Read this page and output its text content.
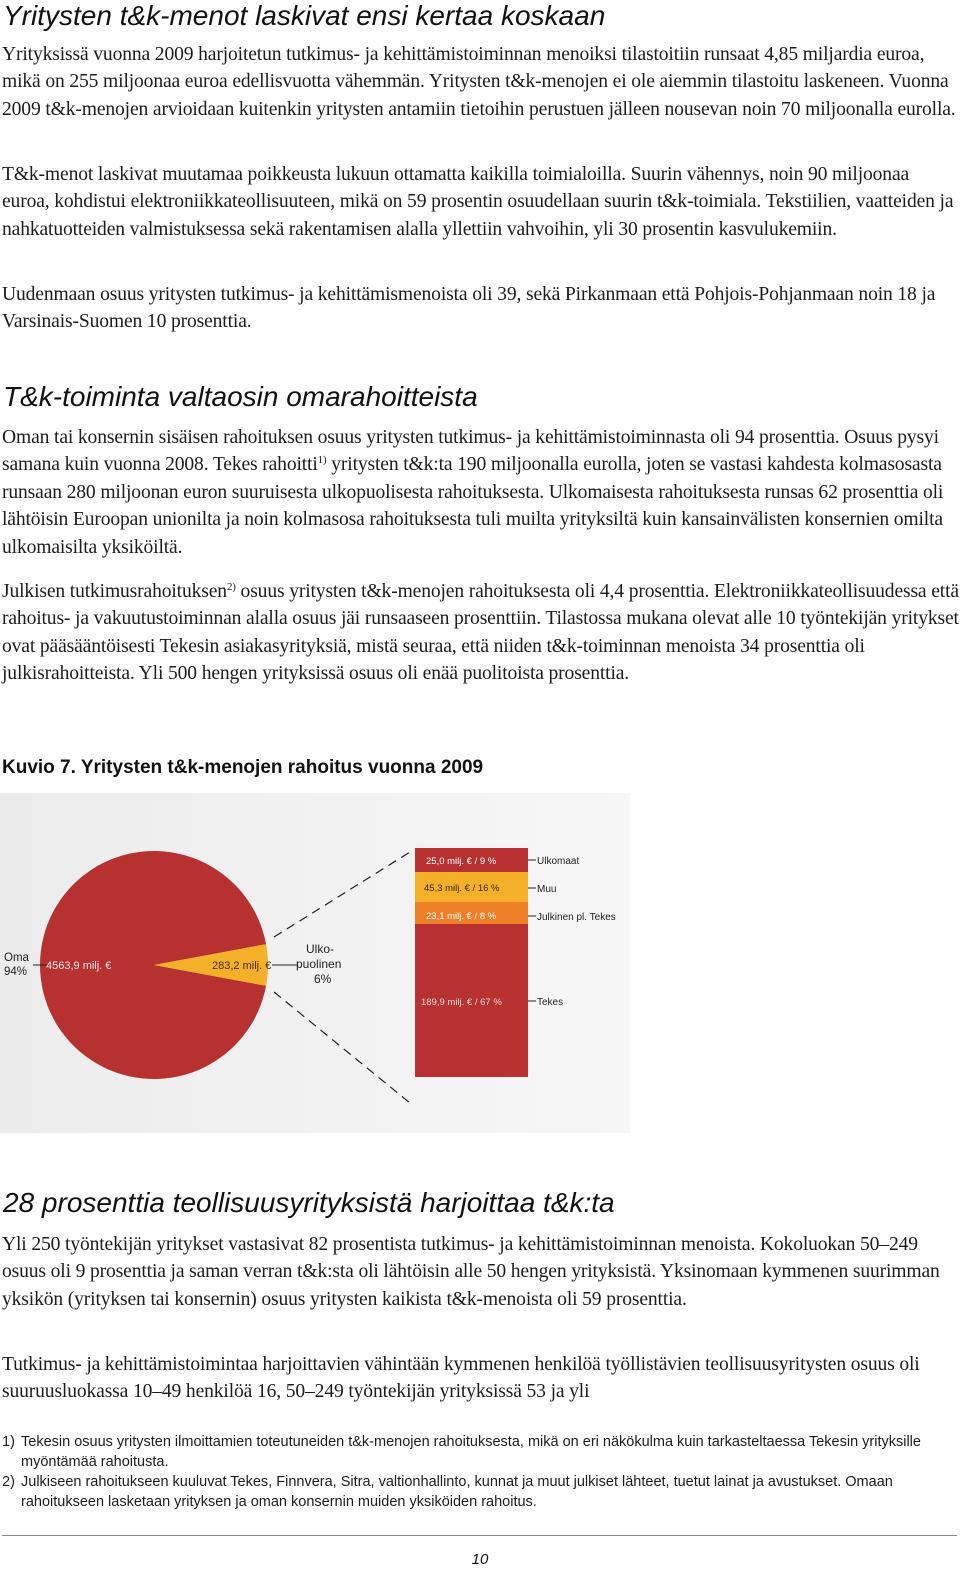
Yritysten t&k-menot laskivat ensi kertaa koskaan
Yrityksissä vuonna 2009 harjoitetun tutkimus- ja kehittämistoiminnan menoiksi tilastoitiin runsaat 4,85 miljardia euroa, mikä on 255 miljoonaa euroa edellisvuotta vähemmän. Yritysten t&k-menojen ei ole aiemmin tilastoitu laskeneen. Vuonna 2009 t&k-menojen arvioidaan kuitenkin yritysten antamiin tietoihin perustuen jälleen nousevan noin 70 miljoonalla eurolla.
T&k-menot laskivat muutamaa poikkeusta lukuun ottamatta kaikilla toimialoilla. Suurin vähennys, noin 90 miljoonaa euroa, kohdistui elektroniikkateollisuuteen, mikä on 59 prosentin osuudellaan suurin t&k-toimiala. Tekstiilien, vaatteiden ja nahkatuotteiden valmistuksessa sekä rakentamisen alalla yllettiin vahvoihin, yli 30 prosentin kasvulukemiin.
Uudenmaan osuus yritysten tutkimus- ja kehittämismenoista oli 39, sekä Pirkanmaan että Pohjois-Pohjanmaan noin 18 ja Varsinais-Suomen 10 prosenttia.
T&k-toiminta valtaosin omarahoitteista
Oman tai konsernin sisäisen rahoituksen osuus yritysten tutkimus- ja kehittämistoiminnasta oli 94 prosenttia. Osuus pysyi samana kuin vuonna 2008. Tekes rahoitti$^{1)}$ yritysten t&k:ta 190 miljoonalla eurolla, joten se vastasi kahdesta kolmasosasta runsaan 280 miljoonan euron suuruisesta ulkopuolisesta rahoituksesta. Ulkomaisesta rahoituksesta runsas 62 prosenttia oli lähtöisin Euroopan unionilta ja noin kolmasosa rahoituksesta tuli muilta yrityksiltä kuin kansainvälisten konsernien omilta ulkomaisilta yksiköiltä.
Julkisen tutkimusrahoituksen$^{2)}$ osuus yritysten t&k-menojen rahoituksesta oli 4,4 prosenttia. Elektroniikkateollisuudessa että rahoitus- ja vakuutustoiminnan alalla osuus jäi runsaaseen prosenttiin. Tilastossa mukana olevat alle 10 työntekijän yritykset ovat pääsääntöisesti Tekesin asiakasyrityksiä, mistä seuraa, että niiden t&k-toiminnan menoista 34 prosenttia oli julkisrahoitteista. Yli 500 hengen yrityksissä osuus oli enää puolitoista prosenttia.
Kuvio 7. Yritysten t&k-menojen rahoitus vuonna 2009
Oma
94% 4563,9 milj. €	283,2 milj. €
Ulko-
puolinen
6%
25,0 milj. € / 9 %
45,3 milj. € / 16 %
23,1 milj. € / 8 %
189,9 milj. € / 67 %
Ulkomaat
Muu
Julkinen pl. Tekes
Tekes
28 prosenttia teollisuusyrityksistä harjoittaa t&k:ta
Yli 250 työntekijän yritykset vastasivat 82 prosentista tutkimus- ja kehittämistoiminnan menoista. Kokoluokan 50–249 osuus oli 9 prosenttia ja saman verran t&k:sta oli lähtöisin alle 50 hengen yrityksistä. Yksinomaan kymmenen suurimman yksikön (yrityksen tai konsernin) osuus yritysten kaikista t&k-menoista oli 59 prosenttia.
Tutkimus- ja kehittämistoimintaa harjoittavien vähintään kymmenen henkilöä työllistävien teollisuusyritysten osuus oli suuruusluokassa 10–49 henkilöä 16, 50–249 työntekijän yrityksissä 53 ja yli
1) Tekesin osuus yritysten ilmoittamien toteutuneiden t&k-menojen rahoituksesta, mikä on eri näkökulma kuin tarkasteltaessa Tekesin yrityksille myöntämää rahoitusta.
2) Julkiseen rahoitukseen kuuluvat Tekes, Finnvera, Sitra, valtionhallinto, kunnat ja muut julkiset lähteet, tuetut lainat ja avustukset. Omaan rahoitukseen lasketaan yrityksen ja oman konsernin muiden yksiköiden rahoitus.
10
